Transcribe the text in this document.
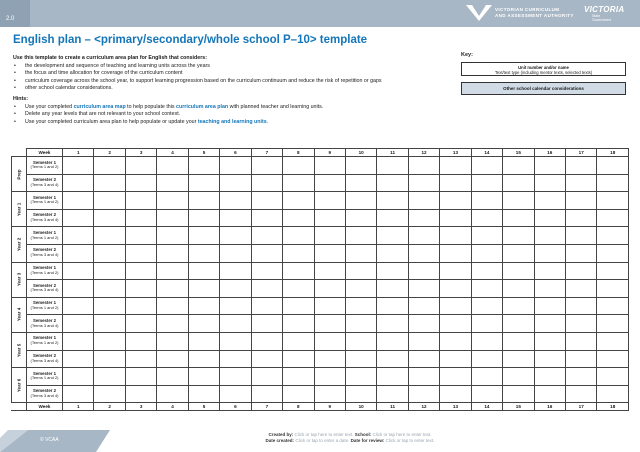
2.0
VICTORIAN CURRICULUM
AND ASSESSMENT AUTHORITY
VICTORIA
State
Government
English plan – <primary/secondary/whole school P–10> template

Use this template to create a curriculum area plan for English that considers:

• the development and sequence of teaching and learning units across the years
• the focus and time allocation for coverage of the curriculum content
• curriculum coverage across the school year, to support learning progression based on the curriculum continuum and reduce the risk of repetition or gaps
• other school calendar considerations.

Hints:

• Use your completed curriculum area map to help populate this curriculum area plan with planned teacher and learning units.
• Delete any year levels that are not relevant to your school context.
• Use your completed curriculum area plan to help populate or update your teaching and learning units.
Key:
Unit number and/or name
Text/text type (including mentor texts, selected texts)
Other school calendar considerations
	Week	1	2	3	4	5	6	7	8	9	10	11	12	13	14	15	16	17	18
Prep	Semester 1
(Terms 1 and 2)																		

	Semester 2
(Terms 3 and 4)																		
Year 1	Semester 1
(Terms 1 and 2)																		

	Semester 2
(Terms 3 and 4)																		
Year 2	Semester 1
(Terms 1 and 2)																		

	Semester 2
(Terms 3 and 4)																		
Year 3	Semester 1
(Terms 1 and 2)																		

	Semester 2
(Terms 3 and 4)																		
Year 4	Semester 1
(Terms 1 and 2)																		

	Semester 2
(Terms 3 and 4)																		
Year 5	Semester 1
(Terms 1 and 2)																		

	Semester 2
(Terms 3 and 4)																		
Year 6	Semester 1
(Terms 1 and 2)																		

	Semester 2
(Terms 3 and 4)																		
	Week	1	2	3	4	5	6	7	8	9	10	11	12	13	14	15	16	17	18
© VCAA
Created by: Click or tap here to enter text. School: Click or tap here to enter text.
Date created: Click or tap to enter a date. Date for review: Click or tap to enter text.
